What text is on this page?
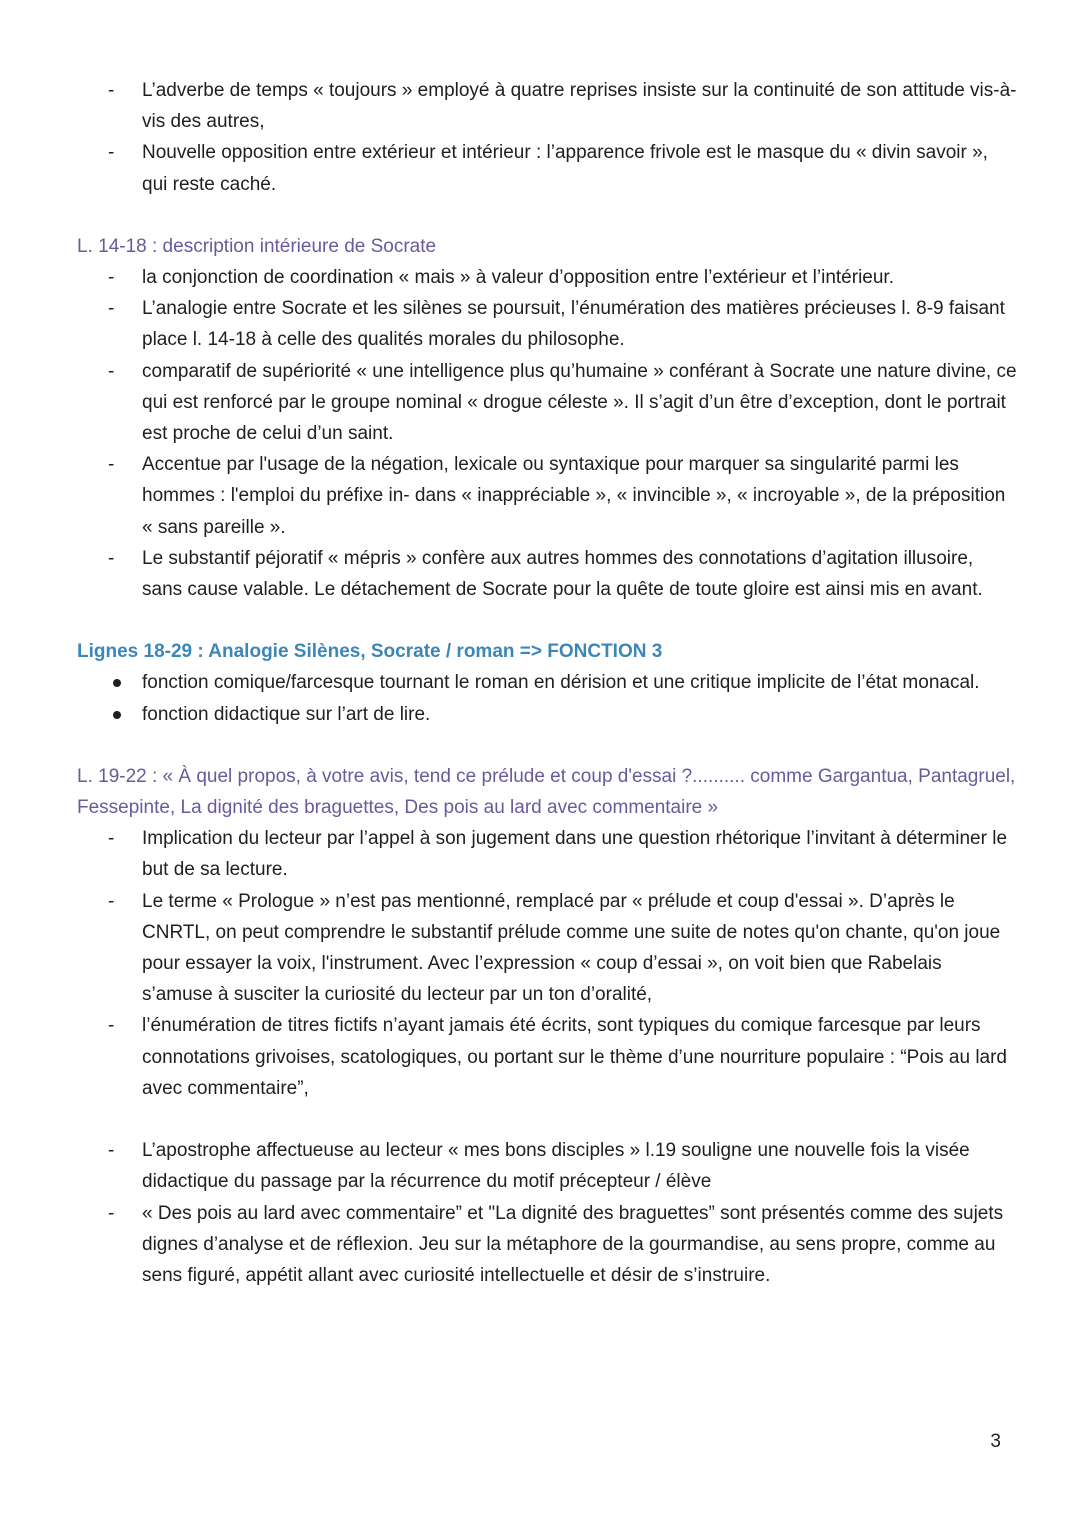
- L’adverbe de temps « toujours » employé à quatre reprises insiste sur la continuité de son attitude vis-à-vis des autres,
- Nouvelle opposition entre extérieur et intérieur : l’apparence frivole est le masque du « divin savoir », qui reste caché.
L. 14-18 : description intérieure de Socrate
- la conjonction de coordination « mais » à valeur d’opposition entre l’extérieur et l’intérieur.
- L’analogie entre Socrate et les silènes se poursuit, l’énumération des matières précieuses l. 8-9 faisant place l. 14-18 à celle des qualités morales du philosophe.
- comparatif de supériorité « une intelligence plus qu’humaine » conférant à Socrate une nature divine, ce qui est renforcé par le groupe nominal « drogue céleste ». Il s’agit d’un être d’exception, dont le portrait est proche de celui d’un saint.
- Accentue par l'usage de la négation, lexicale ou syntaxique pour marquer sa singularité parmi les hommes : l'emploi du préfixe in- dans « inappréciable », « invincible », « incroyable », de la préposition « sans pareille ».
- Le substantif péjoratif « mépris » confère aux autres hommes des connotations d’agitation illusoire, sans cause valable. Le détachement de Socrate pour la quête de toute gloire est ainsi mis en avant.
Lignes 18-29 : Analogie Silènes, Socrate / roman => FONCTION 3
fonction comique/farcesque tournant le roman en dérision et une critique implicite de l’état monacal.
fonction didactique sur l’art de lire.
L. 19-22 : « À quel propos, à votre avis, tend ce prélude et coup d'essai ?.......... comme Gargantua, Pantagruel, Fessepinte, La dignité des braguettes, Des pois au lard avec commentaire »
- Implication du lecteur par l’appel à son jugement dans une question rhétorique l’invitant à déterminer le but de sa lecture.
- Le terme « Prologue » n’est pas mentionné, remplacé par « prélude et coup d'essai ». D’après le CNRTL, on peut comprendre le substantif prélude comme une suite de notes qu'on chante, qu'on joue pour essayer la voix, l'instrument. Avec l’expression « coup d’essai », on voit bien que Rabelais s’amuse à susciter la curiosité du lecteur par un ton d’oralité,
- l’énumération de titres fictifs n’ayant jamais été écrits, sont typiques du comique farcesque par leurs connotations grivoises, scatologiques, ou portant sur le thème d’une nourriture populaire : “Pois au lard avec commentaire”,
- L’apostrophe affectueuse au lecteur « mes bons disciples » l.19 souligne une nouvelle fois la visée didactique du passage par la récurrence du motif précepteur / élève
- « Des pois au lard avec commentaire” et "La dignité des braguettes” sont présentés comme des sujets dignes d’analyse et de réflexion. Jeu sur la métaphore de la gourmandise, au sens propre, comme au sens figuré, appétit allant avec curiosité intellectuelle et désir de s’instruire.
3
